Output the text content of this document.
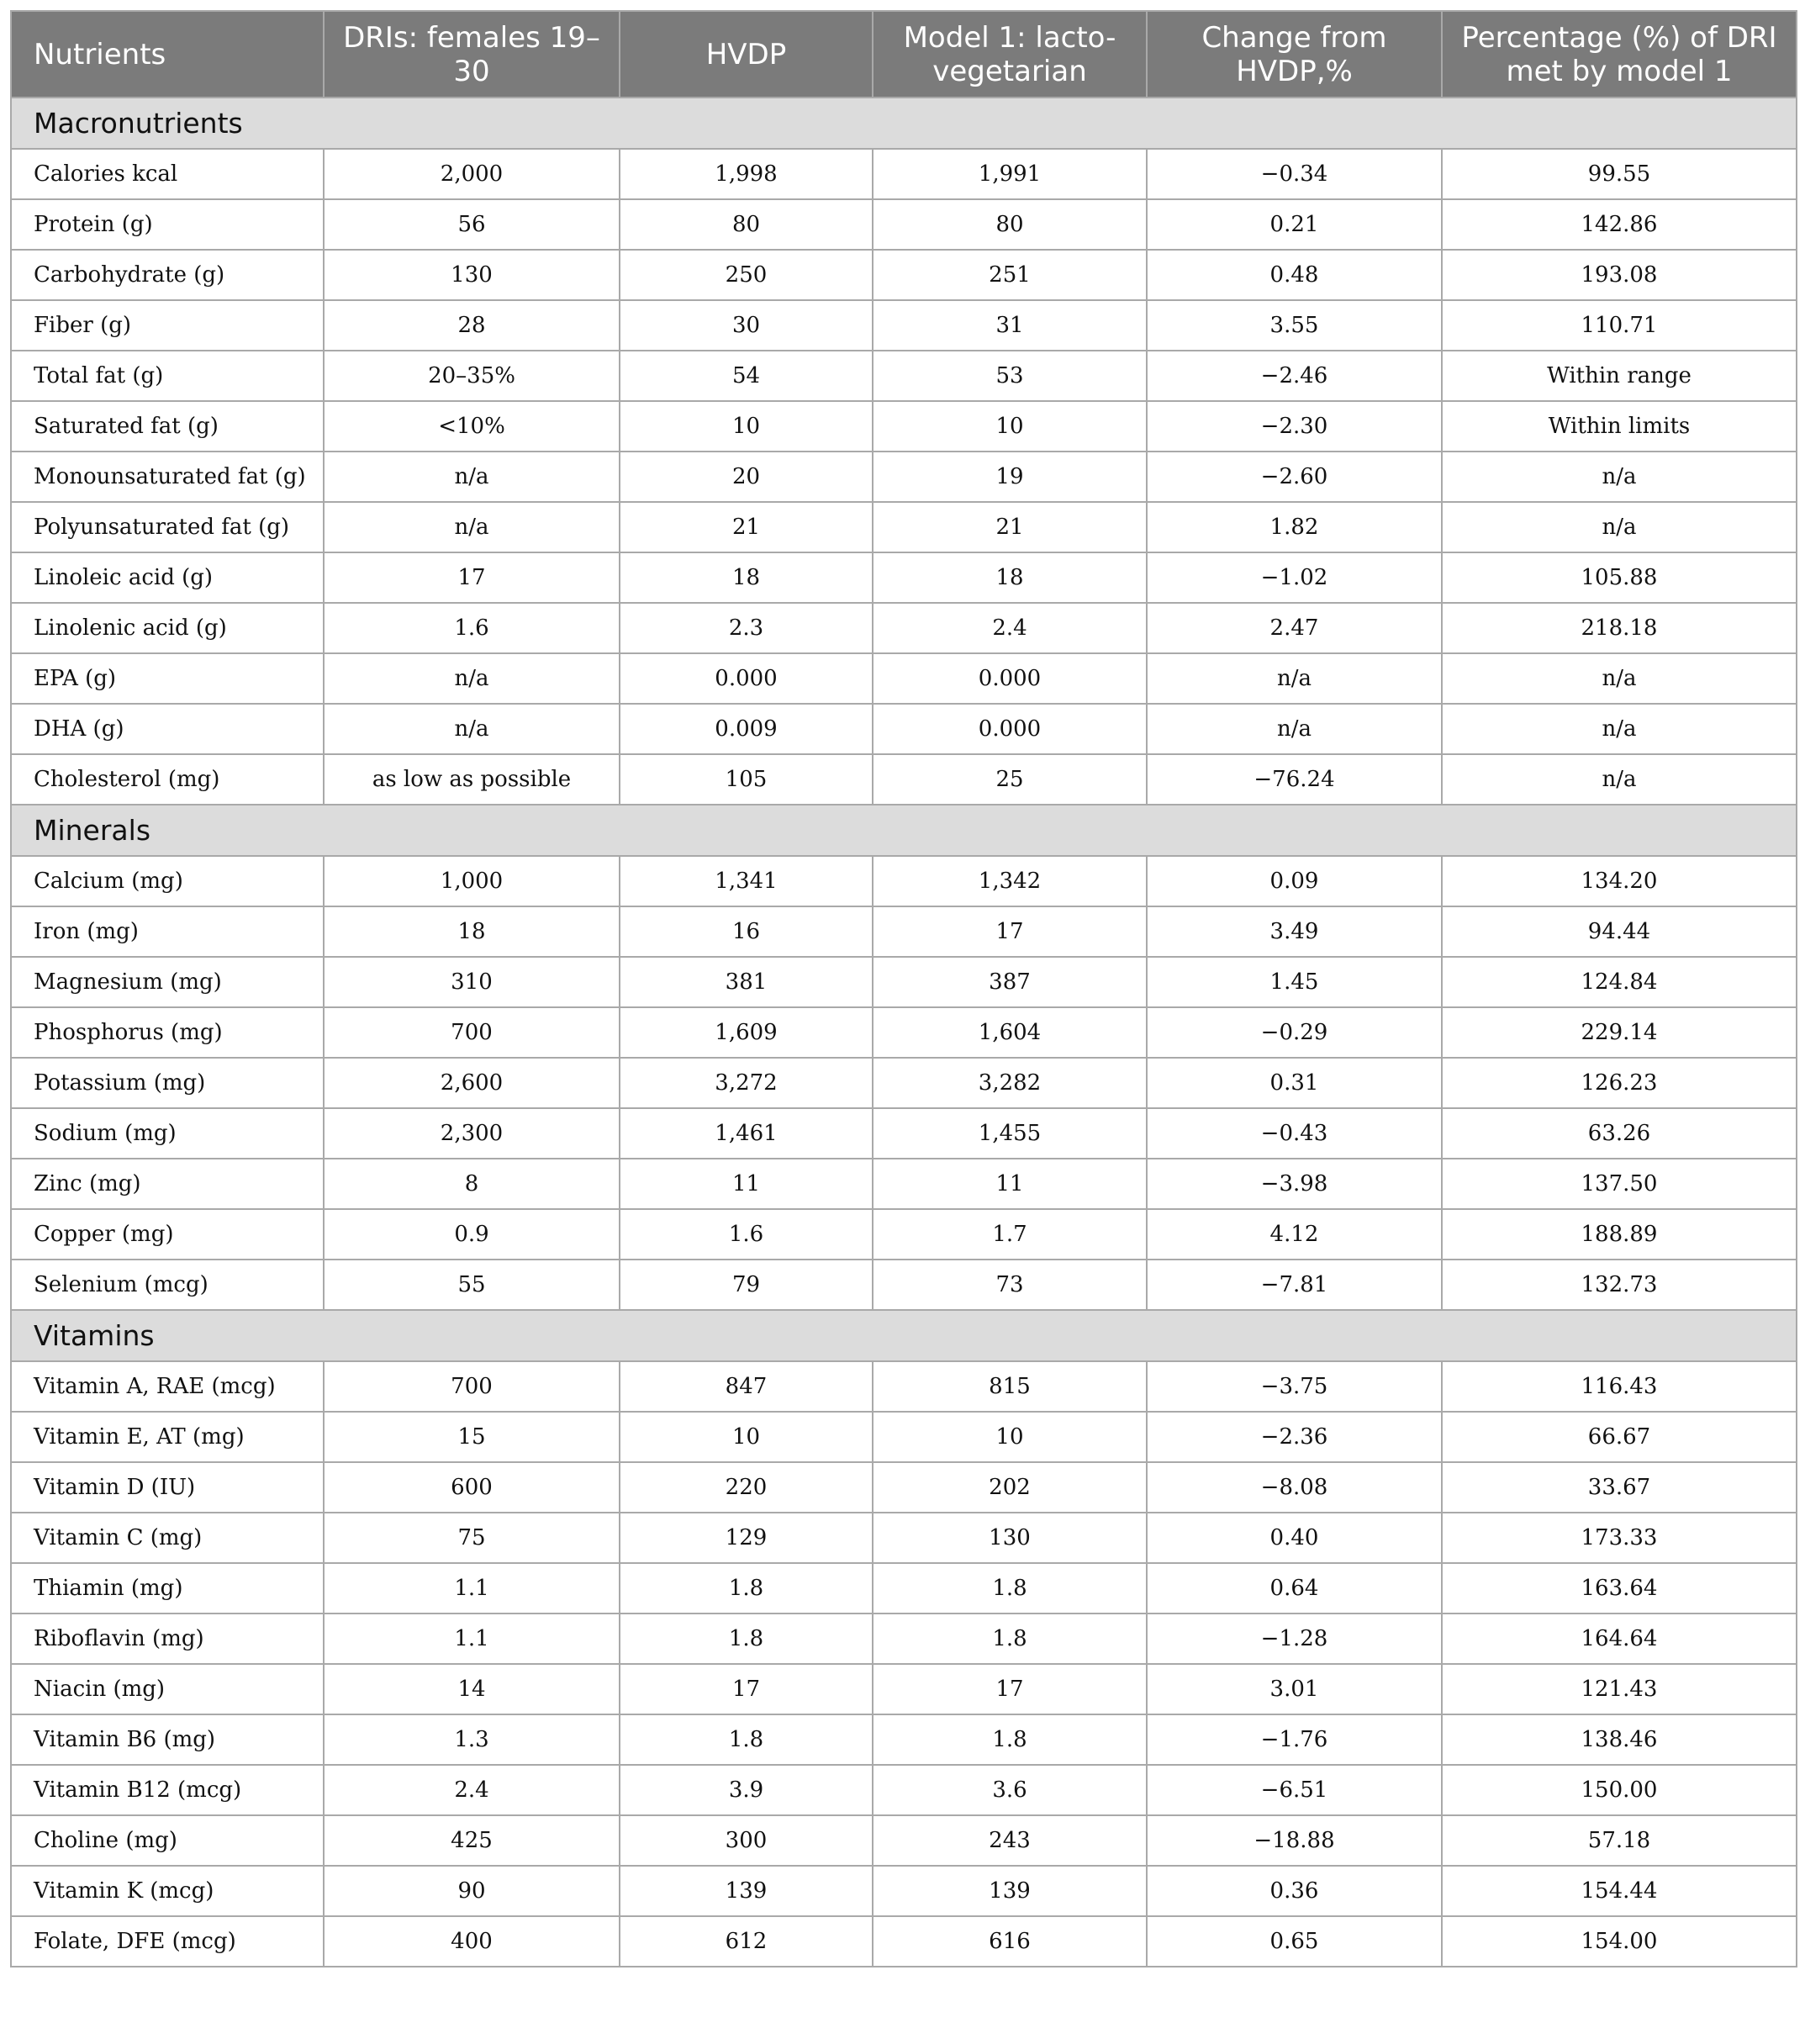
Nutrients	DRIs: females 19–30	HVDP	Model 1: lacto-vegetarian	Change from HVDP,%	Percentage (%) of DRI met by model 1
Macronutrients					
Calories kcal	2,000	1,998	1,991	−0.34	99.55
Protein (g)	56	80	80	0.21	142.86
Carbohydrate (g)	130	250	251	0.48	193.08
Fiber (g)	28	30	31	3.55	110.71
Total fat (g)	20–35%	54	53	−2.46	Within range
Saturated fat (g)	<10%	10	10	−2.30	Within limits
Monounsaturated fat (g)	n/a	20	19	−2.60	n/a
Polyunsaturated fat (g)	n/a	21	21	1.82	n/a
Linoleic acid (g)	17	18	18	−1.02	105.88
Linolenic acid (g)	1.6	2.3	2.4	2.47	218.18
EPA (g)	n/a	0.000	0.000	n/a	n/a
DHA (g)	n/a	0.009	0.000	n/a	n/a
Cholesterol (mg)	as low as possible	105	25	−76.24	n/a
Minerals					
Calcium (mg)	1,000	1,341	1,342	0.09	134.20
Iron (mg)	18	16	17	3.49	94.44
Magnesium (mg)	310	381	387	1.45	124.84
Phosphorus (mg)	700	1,609	1,604	−0.29	229.14
Potassium (mg)	2,600	3,272	3,282	0.31	126.23
Sodium (mg)	2,300	1,461	1,455	−0.43	63.26
Zinc (mg)	8	11	11	−3.98	137.50
Copper (mg)	0.9	1.6	1.7	4.12	188.89
Selenium (mcg)	55	79	73	−7.81	132.73
Vitamins					
Vitamin A, RAE (mcg)	700	847	815	−3.75	116.43
Vitamin E, AT (mg)	15	10	10	−2.36	66.67
Vitamin D (IU)	600	220	202	−8.08	33.67
Vitamin C (mg)	75	129	130	0.40	173.33
Thiamin (mg)	1.1	1.8	1.8	0.64	163.64
Riboflavin (mg)	1.1	1.8	1.8	−1.28	164.64
Niacin (mg)	14	17	17	3.01	121.43
Vitamin B6 (mg)	1.3	1.8	1.8	−1.76	138.46
Vitamin B12 (mcg)	2.4	3.9	3.6	−6.51	150.00
Choline (mg)	425	300	243	−18.88	57.18
Vitamin K (mcg)	90	139	139	0.36	154.44
Folate, DFE (mcg)	400	612	616	0.65	154.00
